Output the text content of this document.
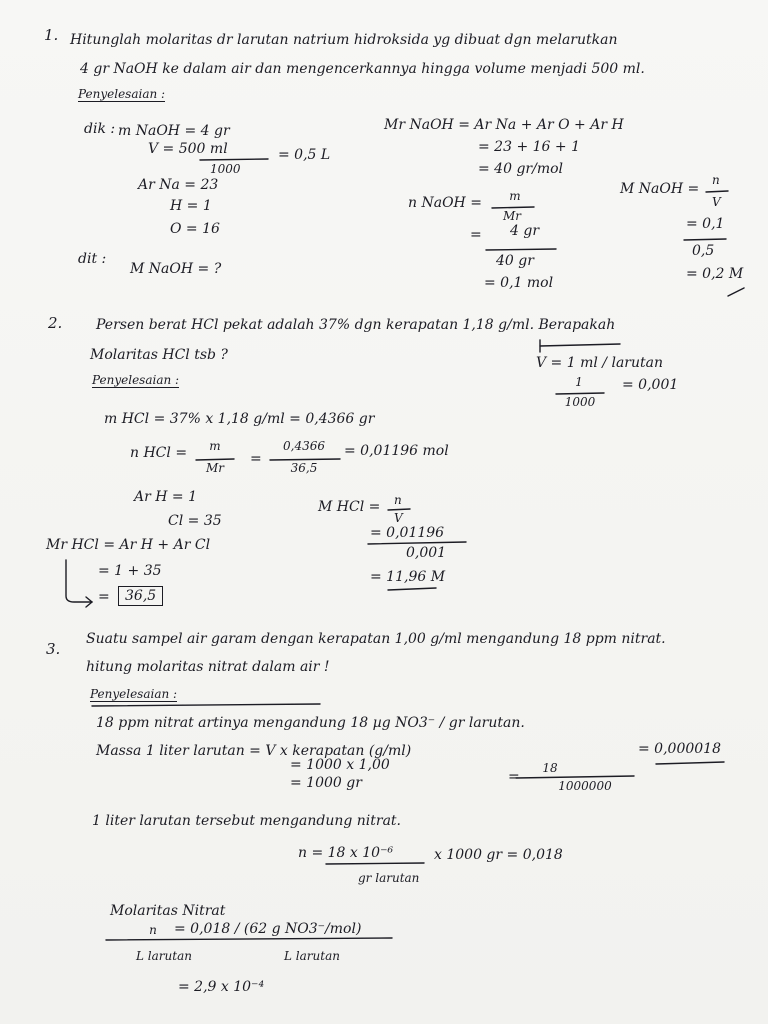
1. Hitunglah molaritas dr larutan natrium hidroksida yg dibuat dgn melarutkan
4 gr NaOH ke dalam air dan mengencerkannya hingga volume menjadi 500 ml.
Penyelesaian :
dik : m NaOH = 4 gr
V = 500 ml
1000
= 0,5 L
Ar Na = 23
H = 1
O = 16
dit :
M NaOH = ?
Mr NaOH = Ar Na + Ar O + Ar H
= 23 + 16 + 1
= 40 gr/mol
n NaOH =	m
Mr
= 4 gr
40 gr
= 0,1 mol
M NaOH =
n
V
= 0,1
0,5
= 0,2 M
2. Persen berat HCl pekat adalah 37% dgn kerapatan 1,18 g/ml. Berapakah
Molaritas HCl tsb ?
Penyelesaian :
V = 1 ml / larutan
1
1000
= 0,001
m HCl = 37% x 1,18 g/ml = 0,4366 gr
n HCl =	m
Mr
=
0,4366
36,5
= 0,01196 mol
Ar H = 1
Cl = 35
Mr HCl = Ar H + Ar Cl
= 1 + 35
=	36,5
M HCl = n
V
= 0,01196
0,001
= 11,96 M
3.
Suatu sampel air garam dengan kerapatan 1,00 g/ml mengandung 18 ppm nitrat.
hitung molaritas nitrat dalam air !
Penyelesaian :
18 ppm nitrat artinya mengandung 18 µg NO3⁻ / gr larutan.
Massa 1 liter larutan = V x kerapatan (g/ml)
= 1000 x 1,00
= 1000 gr	=
18
1000000
= 0,000018
1 liter larutan tersebut mengandung nitrat.
n = 18 x 10⁻⁶
gr larutan
x 1000 gr = 0,018
Molaritas Nitrat
n
L larutan
= 0,018 / (62 g NO3⁻/mol)
L larutan
= 2,9 x 10⁻⁴
